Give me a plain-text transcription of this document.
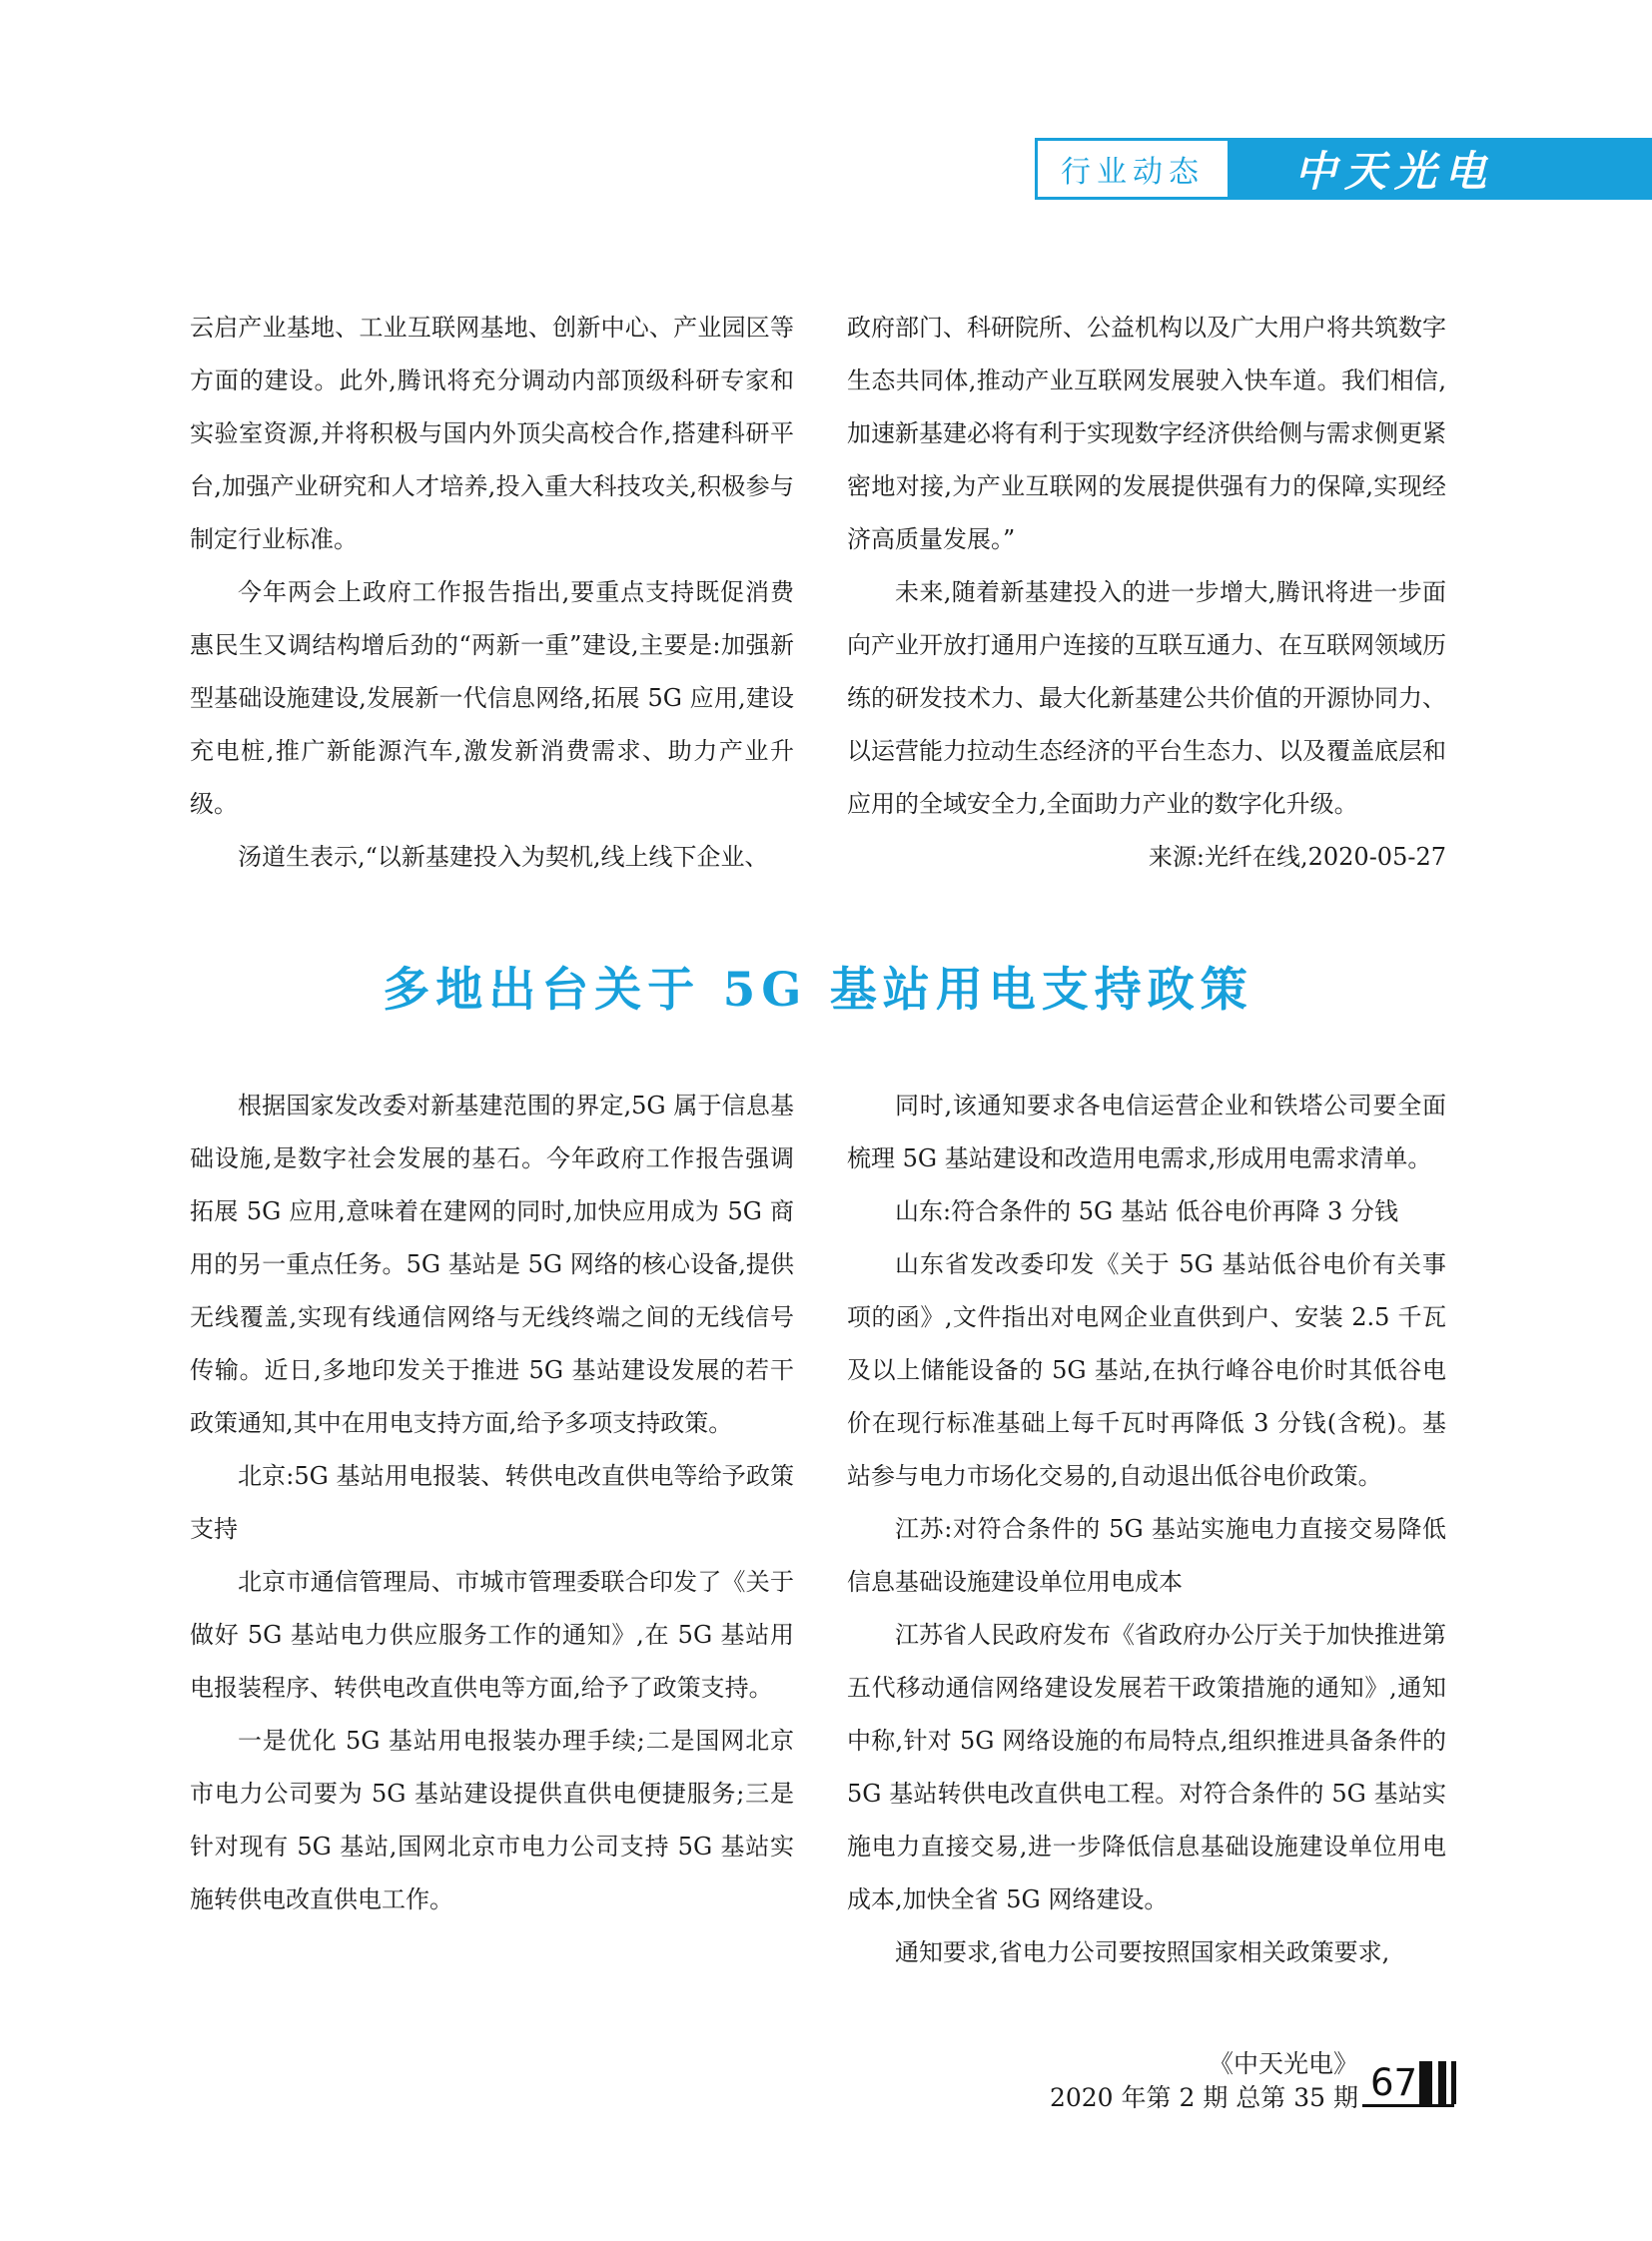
行业动态 中天光电

云启产业基地、工业互联网基地、创新中心、产业园区等方面的建设。此外,腾讯将充分调动内部顶级科研专家和实验室资源,并将积极与国内外顶尖高校合作,搭建科研平台,加强产业研究和人才培养,投入重大科技攻关,积极参与制定行业标准。

今年两会上政府工作报告指出,要重点支持既促消费惠民生又调结构增后劲的“两新一重”建设,主要是:加强新型基础设施建设,发展新一代信息网络,拓展 5G 应用,建设充电桩,推广新能源汽车,激发新消费需求、助力产业升级。

汤道生表示,“以新基建投入为契机,线上线下企业、

政府部门、科研院所、公益机构以及广大用户将共筑数字生态共同体,推动产业互联网发展驶入快车道。我们相信,加速新基建必将有利于实现数字经济供给侧与需求侧更紧密地对接,为产业互联网的发展提供强有力的保障,实现经济高质量发展。”

未来,随着新基建投入的进一步增大,腾讯将进一步面向产业开放打通用户连接的互联互通力、在互联网领域历练的研发技术力、最大化新基建公共价值的开源协同力、以运营能力拉动生态经济的平台生态力、以及覆盖底层和应用的全域安全力,全面助力产业的数字化升级。

来源:光纤在线,2020-05-27

多地出台关于 5G 基站用电支持政策

根据国家发改委对新基建范围的界定,5G 属于信息基础设施,是数字社会发展的基石。今年政府工作报告强调拓展 5G 应用,意味着在建网的同时,加快应用成为 5G 商用的另一重点任务。5G 基站是 5G 网络的核心设备,提供无线覆盖,实现有线通信网络与无线终端之间的无线信号传输。近日,多地印发关于推进 5G 基站建设发展的若干政策通知,其中在用电支持方面,给予多项支持政策。

北京:5G 基站用电报装、转供电改直供电等给予政策支持

北京市通信管理局、市城市管理委联合印发了《关于做好 5G 基站电力供应服务工作的通知》,在 5G 基站用电报装程序、转供电改直供电等方面,给予了政策支持。

一是优化 5G 基站用电报装办理手续;二是国网北京市电力公司要为 5G 基站建设提供直供电便捷服务;三是针对现有 5G 基站,国网北京市电力公司支持 5G 基站实施转供电改直供电工作。

同时,该通知要求各电信运营企业和铁塔公司要全面梳理 5G 基站建设和改造用电需求,形成用电需求清单。

山东:符合条件的 5G 基站 低谷电价再降 3 分钱

山东省发改委印发《关于 5G 基站低谷电价有关事项的函》,文件指出对电网企业直供到户、安装 2.5 千瓦及以上储能设备的 5G 基站,在执行峰谷电价时其低谷电价在现行标准基础上每千瓦时再降低 3 分钱(含税)。基站参与电力市场化交易的,自动退出低谷电价政策。

江苏:对符合条件的 5G 基站实施电力直接交易降低信息基础设施建设单位用电成本

江苏省人民政府发布《省政府办公厅关于加快推进第五代移动通信网络建设发展若干政策措施的通知》,通知中称,针对 5G 网络设施的布局特点,组织推进具备条件的 5G 基站转供电改直供电工程。对符合条件的 5G 基站实施电力直接交易,进一步降低信息基础设施建设单位用电成本,加快全省 5G 网络建设。

通知要求,省电力公司要按照国家相关政策要求,

《中天光电》
2020 年第 2 期 总第 35 期 67
